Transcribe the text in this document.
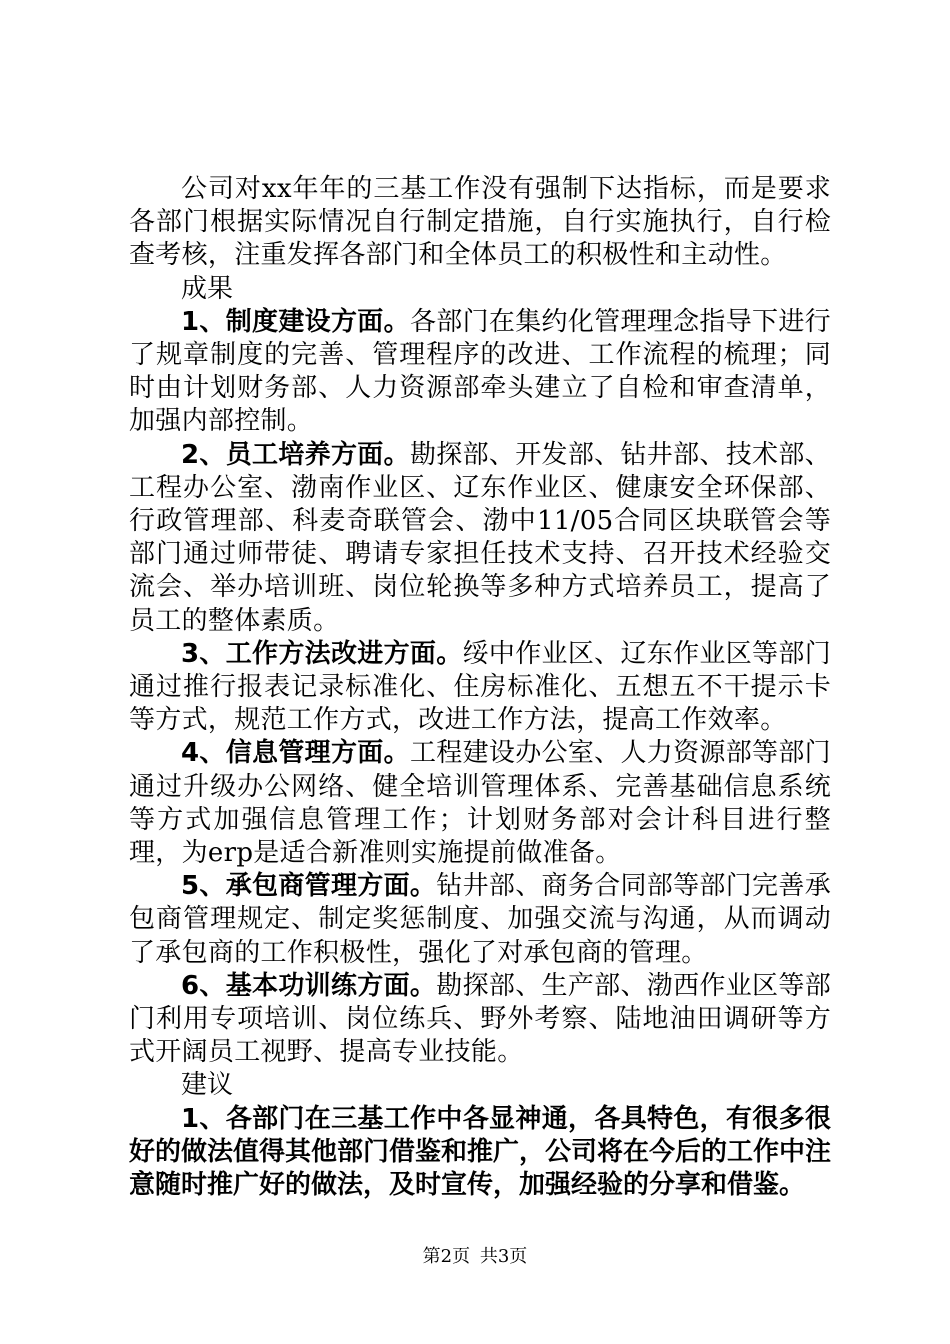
公司对xx年年的三基工作没有强制下达指标，而是要求各部门根据实际情况自行制定措施，自行实施执行，自行检查考核，注重发挥各部门和全体员工的积极性和主动性。

成果

1、制度建设方面。各部门在集约化管理理念指导下进行了规章制度的完善、管理程序的改进、工作流程的梳理；同时由计划财务部、人力资源部牵头建立了自检和审查清单，加强内部控制。

2、员工培养方面。勘探部、开发部、钻井部、技术部、工程办公室、渤南作业区、辽东作业区、健康安全环保部、行政管理部、科麦奇联管会、渤中11/05合同区块联管会等部门通过师带徒、聘请专家担任技术支持、召开技术经验交流会、举办培训班、岗位轮换等多种方式培养员工，提高了员工的整体素质。

3、工作方法改进方面。绥中作业区、辽东作业区等部门通过推行报表记录标准化、住房标准化、五想五不干提示卡等方式，规范工作方式，改进工作方法，提高工作效率。

4、信息管理方面。工程建设办公室、人力资源部等部门通过升级办公网络、健全培训管理体系、完善基础信息系统等方式加强信息管理工作；计划财务部对会计科目进行整理，为erp是适合新准则实施提前做准备。

5、承包商管理方面。钻井部、商务合同部等部门完善承包商管理规定、制定奖惩制度、加强交流与沟通，从而调动了承包商的工作积极性，强化了对承包商的管理。

6、基本功训练方面。勘探部、生产部、渤西作业区等部门利用专项培训、岗位练兵、野外考察、陆地油田调研等方式开阔员工视野、提高专业技能。

建议

1、各部门在三基工作中各显神通，各具特色，有很多很好的做法值得其他部门借鉴和推广，公司将在今后的工作中注意随时推广好的做法，及时宣传，加强经验的分享和借鉴。

第2页 共3页
